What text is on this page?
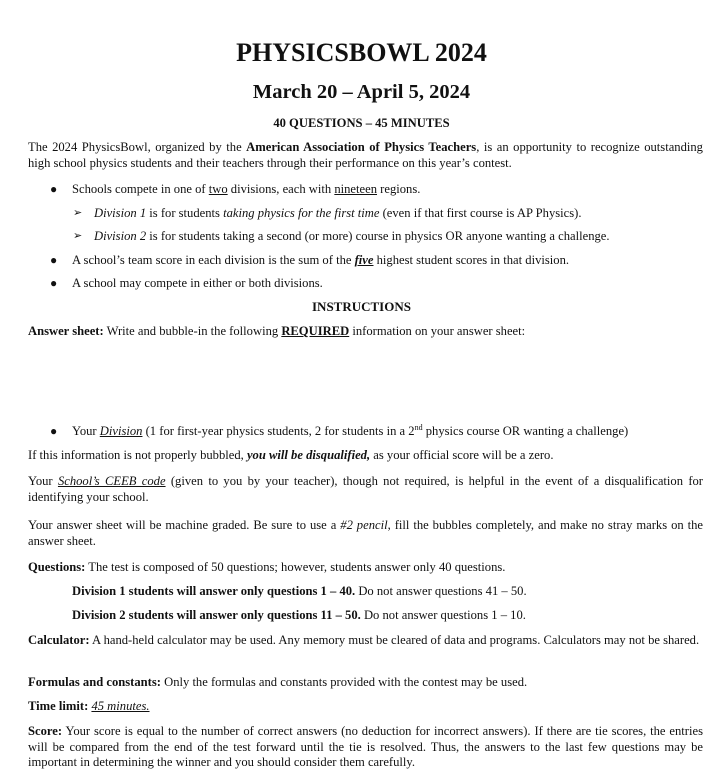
PHYSICSBOWL 2024
March 20 – April 5, 2024
40 QUESTIONS – 45 MINUTES
The 2024 PhysicsBowl, organized by the American Association of Physics Teachers, is an opportunity to recognize outstanding high school physics students and their teachers through their performance on this year’s contest.
● Schools compete in one of two divisions, each with nineteen regions.
➢ Division 1 is for students taking physics for the first time (even if that first course is AP Physics).
➢ Division 2 is for students taking a second (or more) course in physics OR anyone wanting a challenge.
● A school’s team score in each division is the sum of the five highest student scores in that division.
● A school may compete in either or both divisions.
INSTRUCTIONS
Answer sheet: Write and bubble-in the following REQUIRED information on your answer sheet:
● Your Division (1 for first-year physics students, 2 for students in a 2nd physics course OR wanting a challenge)
If this information is not properly bubbled, you will be disqualified, as your official score will be a zero.
Your School’s CEEB code (given to you by your teacher), though not required, is helpful in the event of a disqualification for identifying your school.
Your answer sheet will be machine graded. Be sure to use a #2 pencil, fill the bubbles completely, and make no stray marks on the answer sheet.
Questions: The test is composed of 50 questions; however, students answer only 40 questions.
Division 1 students will answer only questions 1 – 40. Do not answer questions 41 – 50.
Division 2 students will answer only questions 11 – 50. Do not answer questions 1 – 10.
Calculator: A hand-held calculator may be used. Any memory must be cleared of data and programs. Calculators may not be shared.
Formulas and constants: Only the formulas and constants provided with the contest may be used.
Time limit: 45 minutes.
Score: Your score is equal to the number of correct answers (no deduction for incorrect answers). If there are tie scores, the entries will be compared from the end of the test forward until the tie is resolved. Thus, the answers to the last few questions may be important in determining the winner and you should consider them carefully.
